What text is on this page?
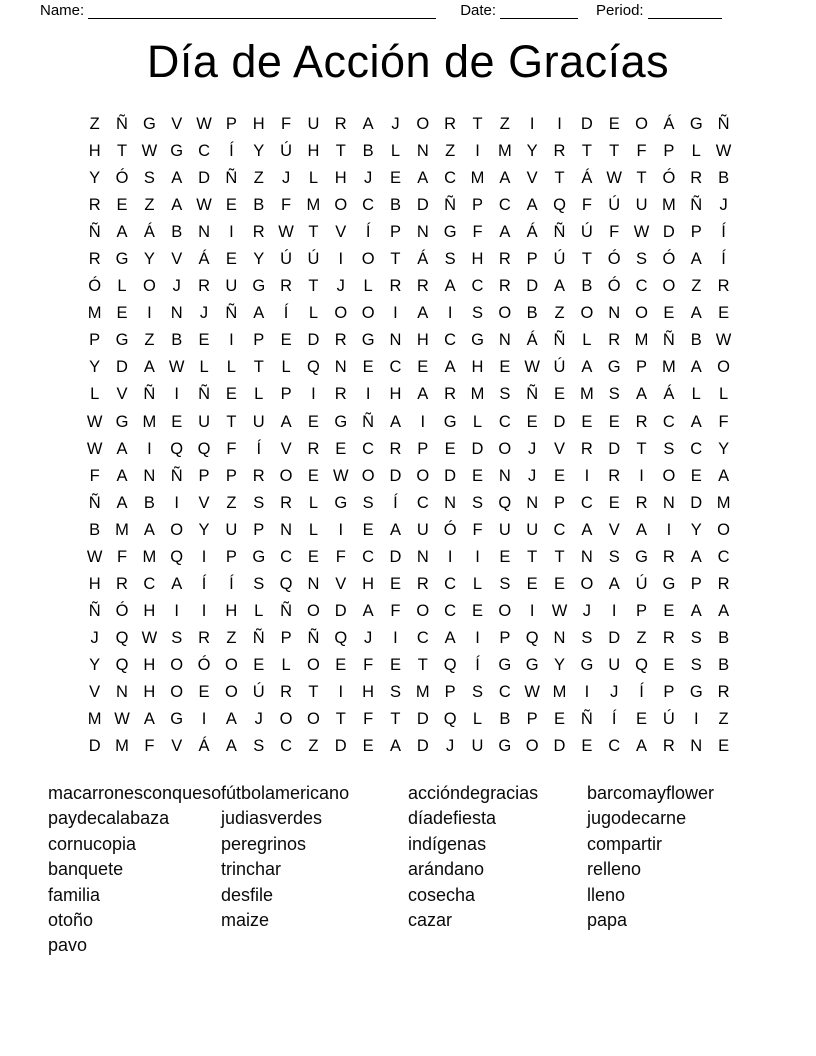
Name:	Date:	Period:
Día de Acción de Gracías
Z Ñ G V W P H F U R A	J	O R T	Z	I	I	D E O Á G Ñ
H T W G C	Í	Y Ú H T	B	L	N Z	I	M Y R T	T	F	P	L W
Y Ó S A D Ñ Z	J	L	H	J	E A C M A V	T	Á W T Ó R B
R E	Z	A W E B	F M O C B D Ñ P C A Q F Ú U M Ñ	J
Ñ A Á B N	I	R W T	V	Í	P N G F	A Á Ñ Ú F W D P	Í
R G Y V Á E Y Ú Ú	I	O T	Á S H R P Ú T Ó S Ó A	Í
Ó L O	J	R U G R T	J	L	R R A C R D A B Ó C O Z R
M E	I	N	J	Ñ A	Í	L O O	I	A	I	S O B	Z O N O E A E
P G Z	B E	I	P E D R G N H C G N Á Ñ	L	R M Ñ B W
Y D A W L	L	T	L Q N E C E A H E W Ú A G P M A O
L	V Ñ	I	Ñ E	L	P	I	R	I	H A R M S Ñ E M S A Á	L	L
W G M E U T U A E G Ñ A	I	G L	C E D E E R C A	F
W A	I	Q Q F	Í	V R E C R P E D O	J	V R D T	S C Y
F	A N Ñ P P R O E W O D O D E N	J	E	I	R	I	O E A
Ñ A B	I	V	Z	S R	L G S	Í	C N S Q N P C E R N D M
B M A O Y U P N	L	I	E A U Ó F U U C A V A	I	Y O
W F M Q	I	P G C E	F C D N	I	I	E	T	T N S G R A C
H R C A	Í	Í	S Q N V H E R C	L	S E E O A Ú G P R
Ñ Ó H	I	I	H	L	Ñ O D A	F O C E O	I	W J	I	P E A A
J	Q W S R Z Ñ P Ñ Q	J	I	C A	I	P Q N S D Z R S B
Y Q H O Ó O E	L O E	F	E	T Q	Í	G G Y G U Q E S B
V N H O E O Ú R T	I	H S M P S C W M	I	J	Í	P G R
M W A G	I	A	J	O O T	F	T D Q L	B P E Ñ	Í	E Ú	I	Z
D M F	V Á A S C Z D E A D	J	U G O D E C A R N E
macarronesconqueso
paydecalabaza
cornucopia
banquete
familia
otoño
pavo
fútbolamericano
judiasverdes
peregrinos
trinchar
desfile
maize
accióndegracias
díadefiesta
indígenas
arándano
cosecha
cazar
barcomayflower
jugodecarne
compartir
relleno
lleno
papa
